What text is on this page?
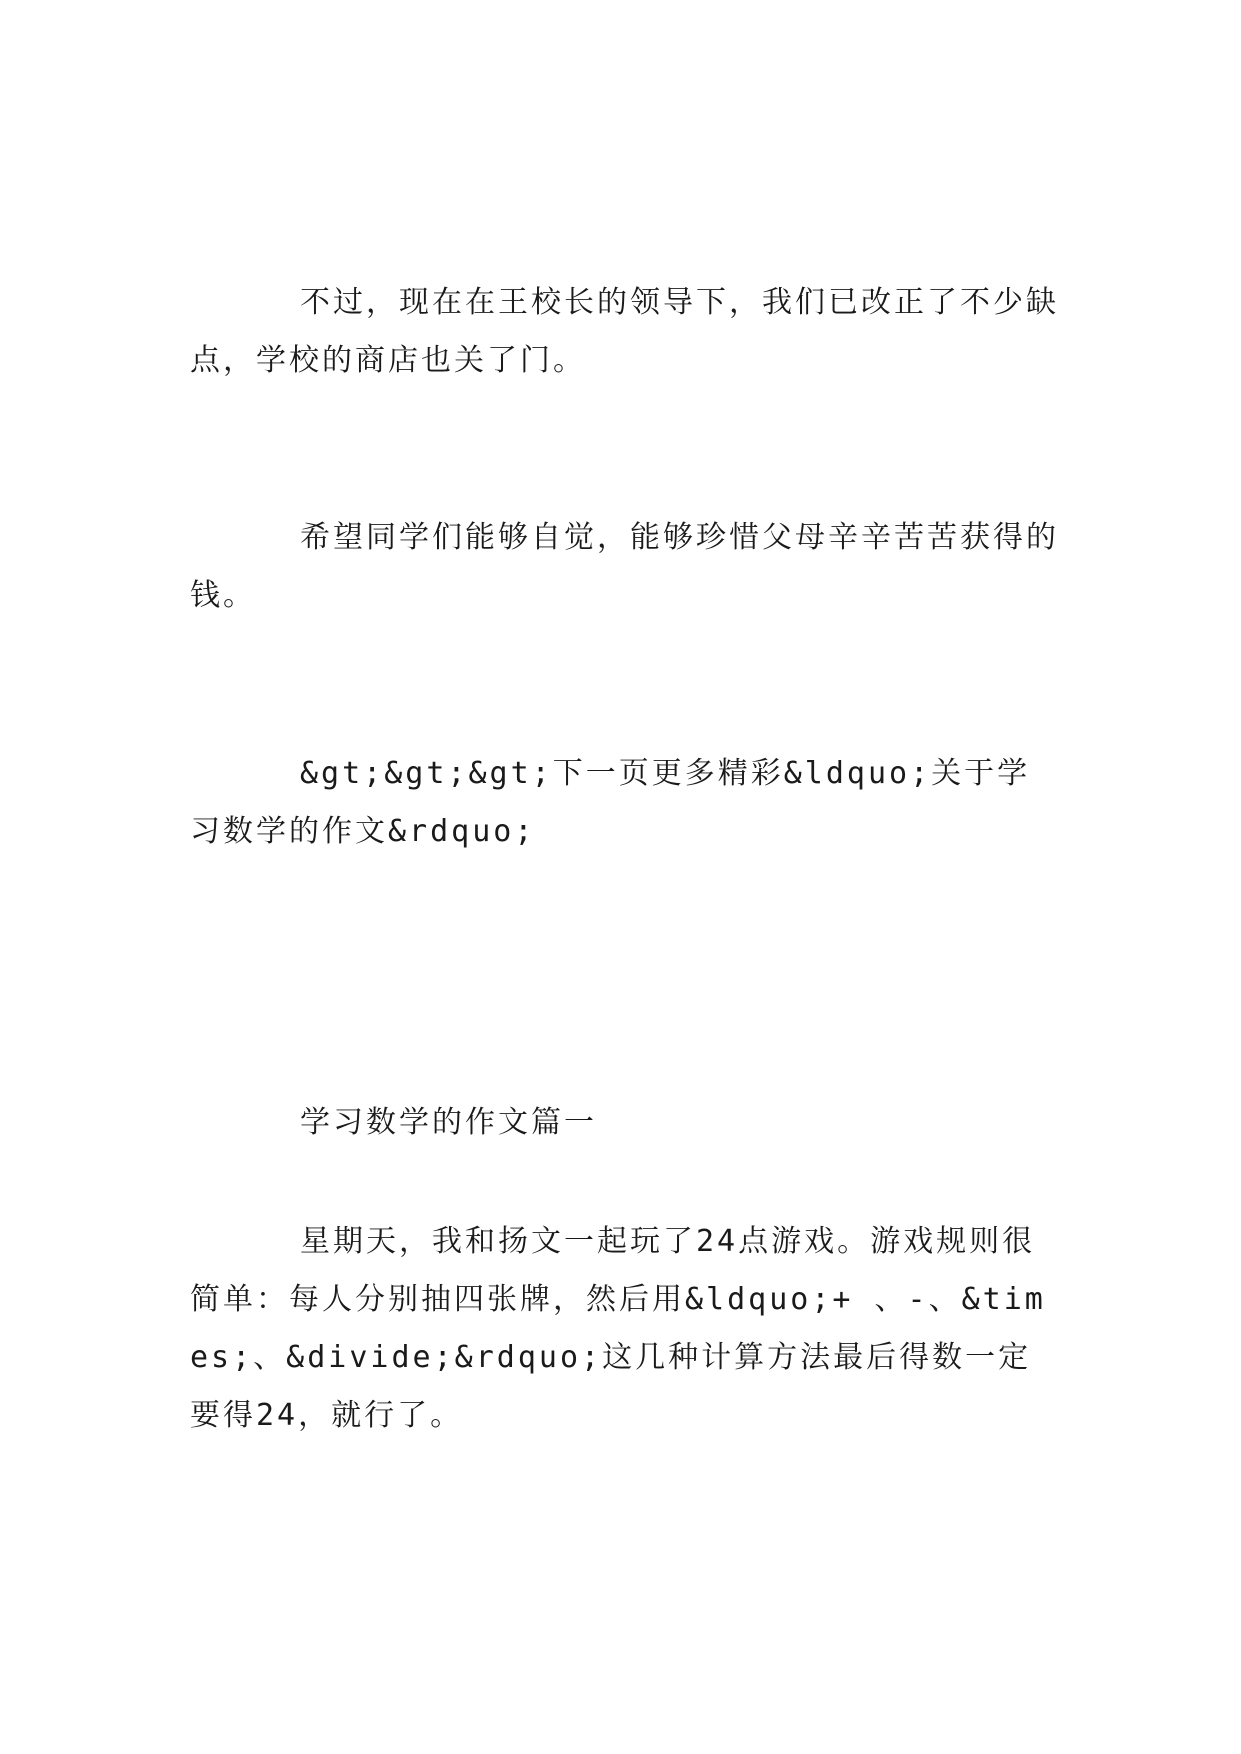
不过，现在在王校长的领导下，我们已改正了不少缺点，学校的商店也关了门。

希望同学们能够自觉，能够珍惜父母辛辛苦苦获得的钱。

&gt;&gt;&gt;下一页更多精彩&ldquo;关于学习数学的作文&rdquo;

学习数学的作文篇一

星期天，我和扬文一起玩了24点游戏。游戏规则很简单：每人分别抽四张牌，然后用&ldquo;+ 、-、&times;、&divide;&rdquo;这几种计算方法最后得数一定要得24，就行了。
